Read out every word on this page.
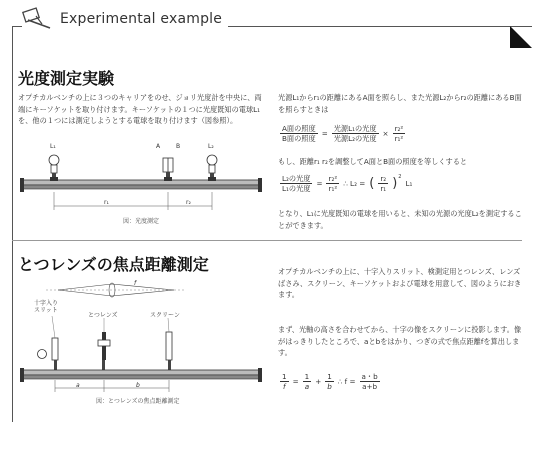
Experimental example
光度測定実験
オプチカルベンチの上に３つのキャリアをのせ、ジョリ光度計を中央に、両端にキーソケットを取り付けます。キーソケットの１つに光度既知の電球L₁を、他の１つには測定しようとする電球を取り付けます（図参照）。
L₁	A	B	L₂
r₁	r₂
図：光度測定
光源L₁からr₁の距離にあるA面を照らし、また光源L₂からr₂の距離にあるB面を照らすときは
$\frac{\text{A面の照度}}{\text{B面の照度}} = \frac{\text{光源L₁の光度}}{\text{光源L₂の光度}} \times \frac{\text{r₂²}}{\text{r₁²}}$
もし、距離r₁ r₂を調整してA面とB面の照度を等しくすると
$\frac{\text{L₂の光度}}{\text{L₁の光度}} = \frac{\text{r₂²}}{\text{r₁²}}$ ∴ L₂ = ( $\frac{\text{r₂}}{\text{r₁}} )^2$
L₁
となり、L₁に光度既知の電球を用いると、未知の光源の光度L₂を測定することができます。
とつレンズの焦点距離測定
f
十字入り
スリット
とつレンズ	スクリーン
a	b
図：とつレンズの焦点距離測定
オプチカルベンチの上に、十字入りスリット、検測定用とつレンズ、レンズばさみ、スクリーン、キーソケットおよび電球を用意して、図のようにおきます。
まず、光軸の高さを合わせてから、十字の像をスクリーンに投影します。像がはっきりしたところで、aとbをはかり、つぎの式で焦点距離fを算出します。
$\frac{1}{f} = \frac{1}{a} + \frac{1}{b}$ ∴ $f = \frac{a・b}{a+b}$
